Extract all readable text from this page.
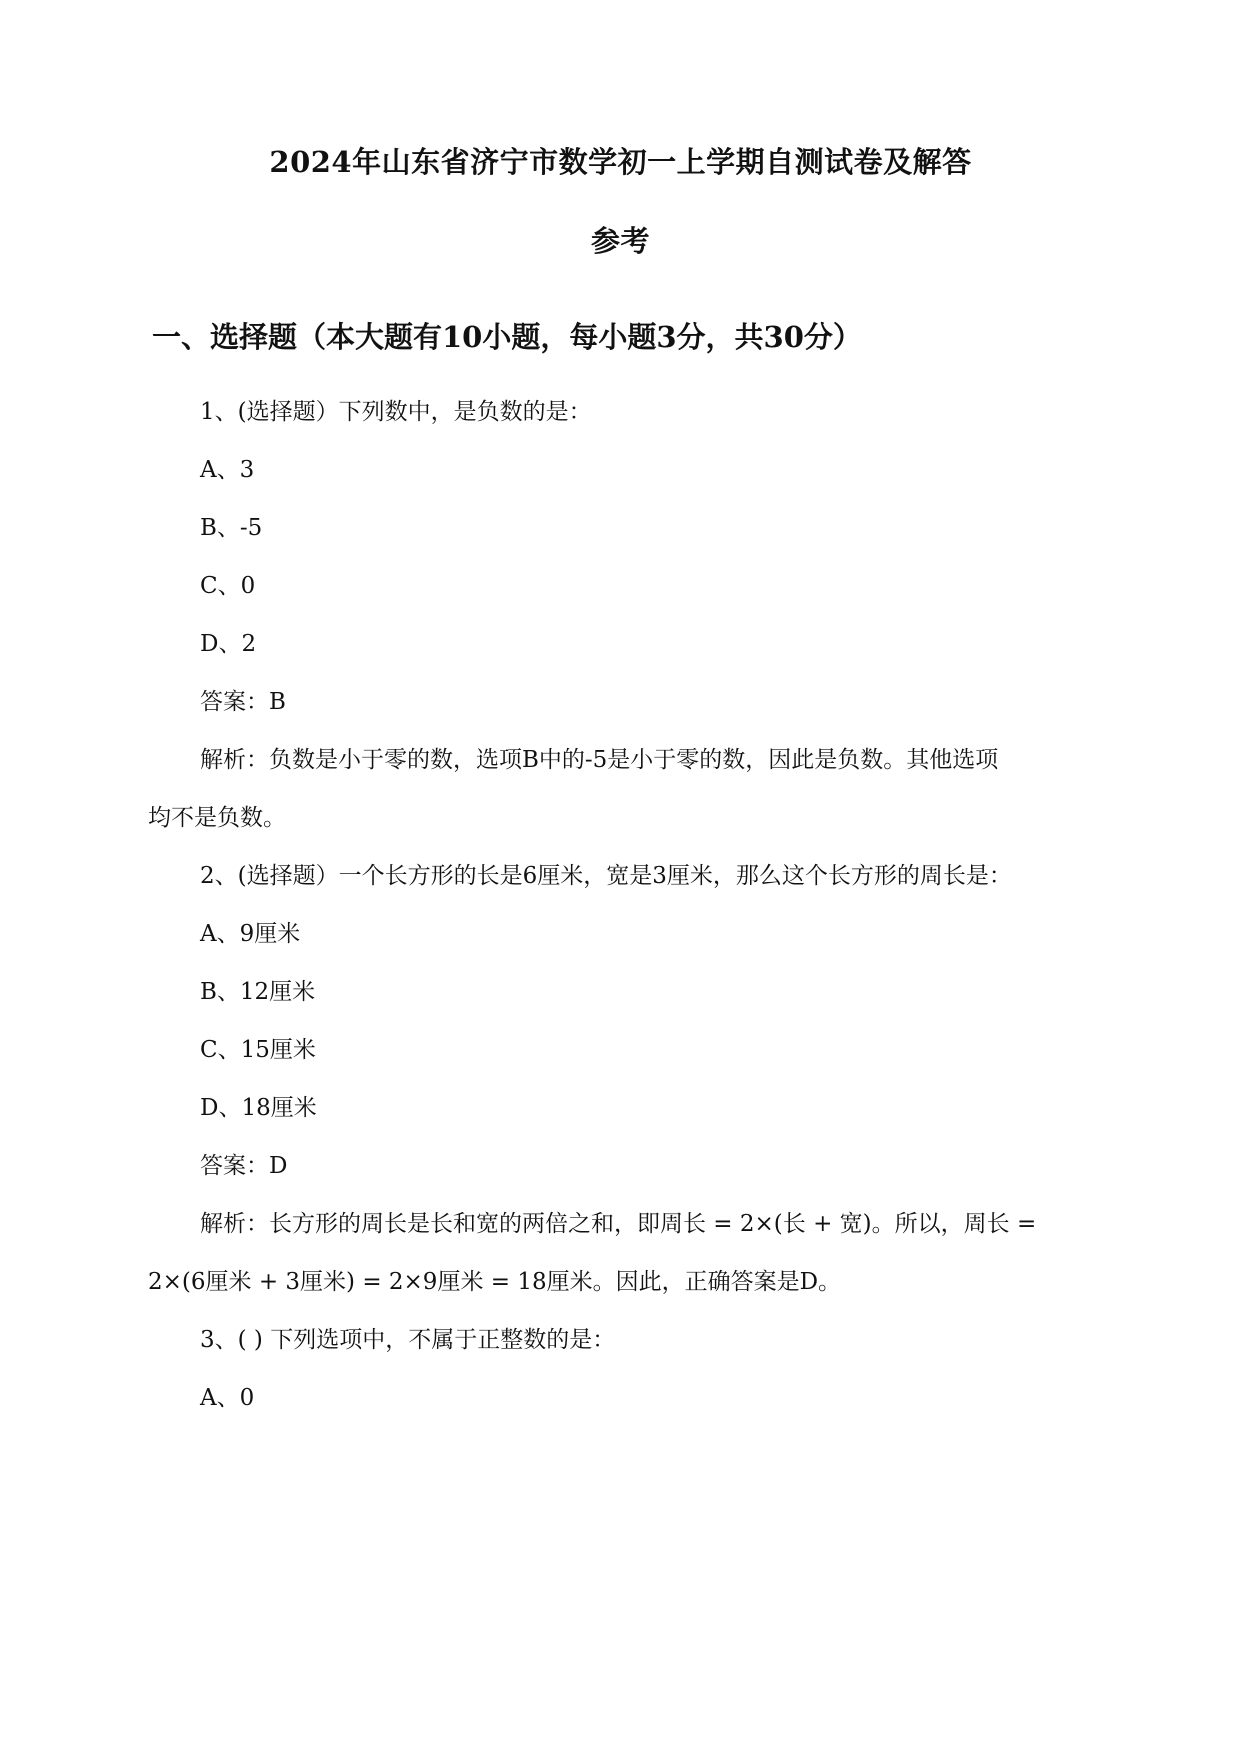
2024年山东省济宁市数学初一上学期自测试卷及解答
参考
一、选择题（本大题有10小题，每小题3分，共30分）
1、(选择题）下列数中，是负数的是：
A、3
B、-5
C、0
D、2
答案：B
解析：负数是小于零的数，选项B中的-5是小于零的数，因此是负数。其他选项
均不是负数。
2、(选择题）一个长方形的长是6厘米，宽是3厘米，那么这个长方形的周长是：
A、9厘米
B、12厘米
C、15厘米
D、18厘米
答案：D
解析：长方形的周长是长和宽的两倍之和，即周长 = 2×(长 + 宽)。所以，周长 =
2×(6厘米 + 3厘米) = 2×9厘米 = 18厘米。因此，正确答案是D。
3、( ) 下列选项中，不属于正整数的是：
A、0
